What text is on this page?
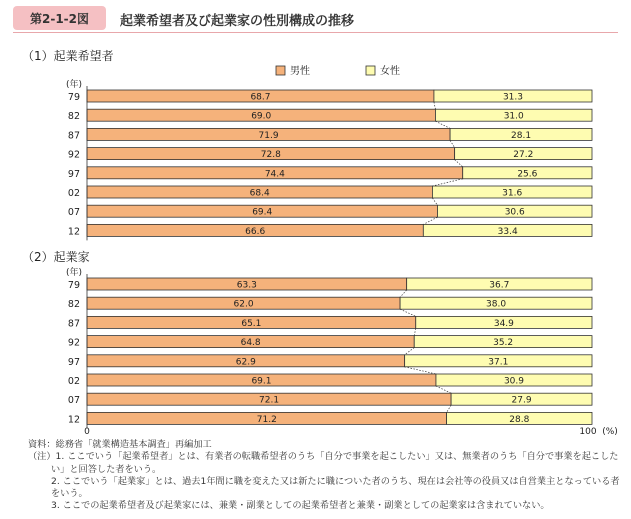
第2-1-2図	起業希望者及び起業家の性別構成の推移
（1）起業希望者
（2）起業家
男性	女性
(年)
79	68.7	31.3
82	69.0	31.0
87	71.9	28.1
92	72.8	27.2
97	74.4	25.6
02	68.4	31.6
07	69.4	30.6
12	66.6	33.4
(年)
79	63.3	36.7
82	62.0	38.0
87	65.1	34.9
92	64.8	35.2
97	62.9	37.1
02	69.1	30.9
07	72.1	27.9
12	71.2	28.8
0	100 (%)

資料：総務省「就業構造基本調査」再編加工

（注）1. ここでいう「起業希望者」とは、有業者の転職希望者のうち「自分で事業を起こしたい」又は、無業者のうち「自分で事業を起こしたい」と回答した者をいう。

2. ここでいう「起業家」とは、過去1年間に職を変えた又は新たに職についた者のうち、現在は会社等の役員又は自営業主となっている者をいう。

3. ここでの起業希望者及び起業家には、兼業・副業としての起業希望者と兼業・副業としての起業家は含まれていない。
